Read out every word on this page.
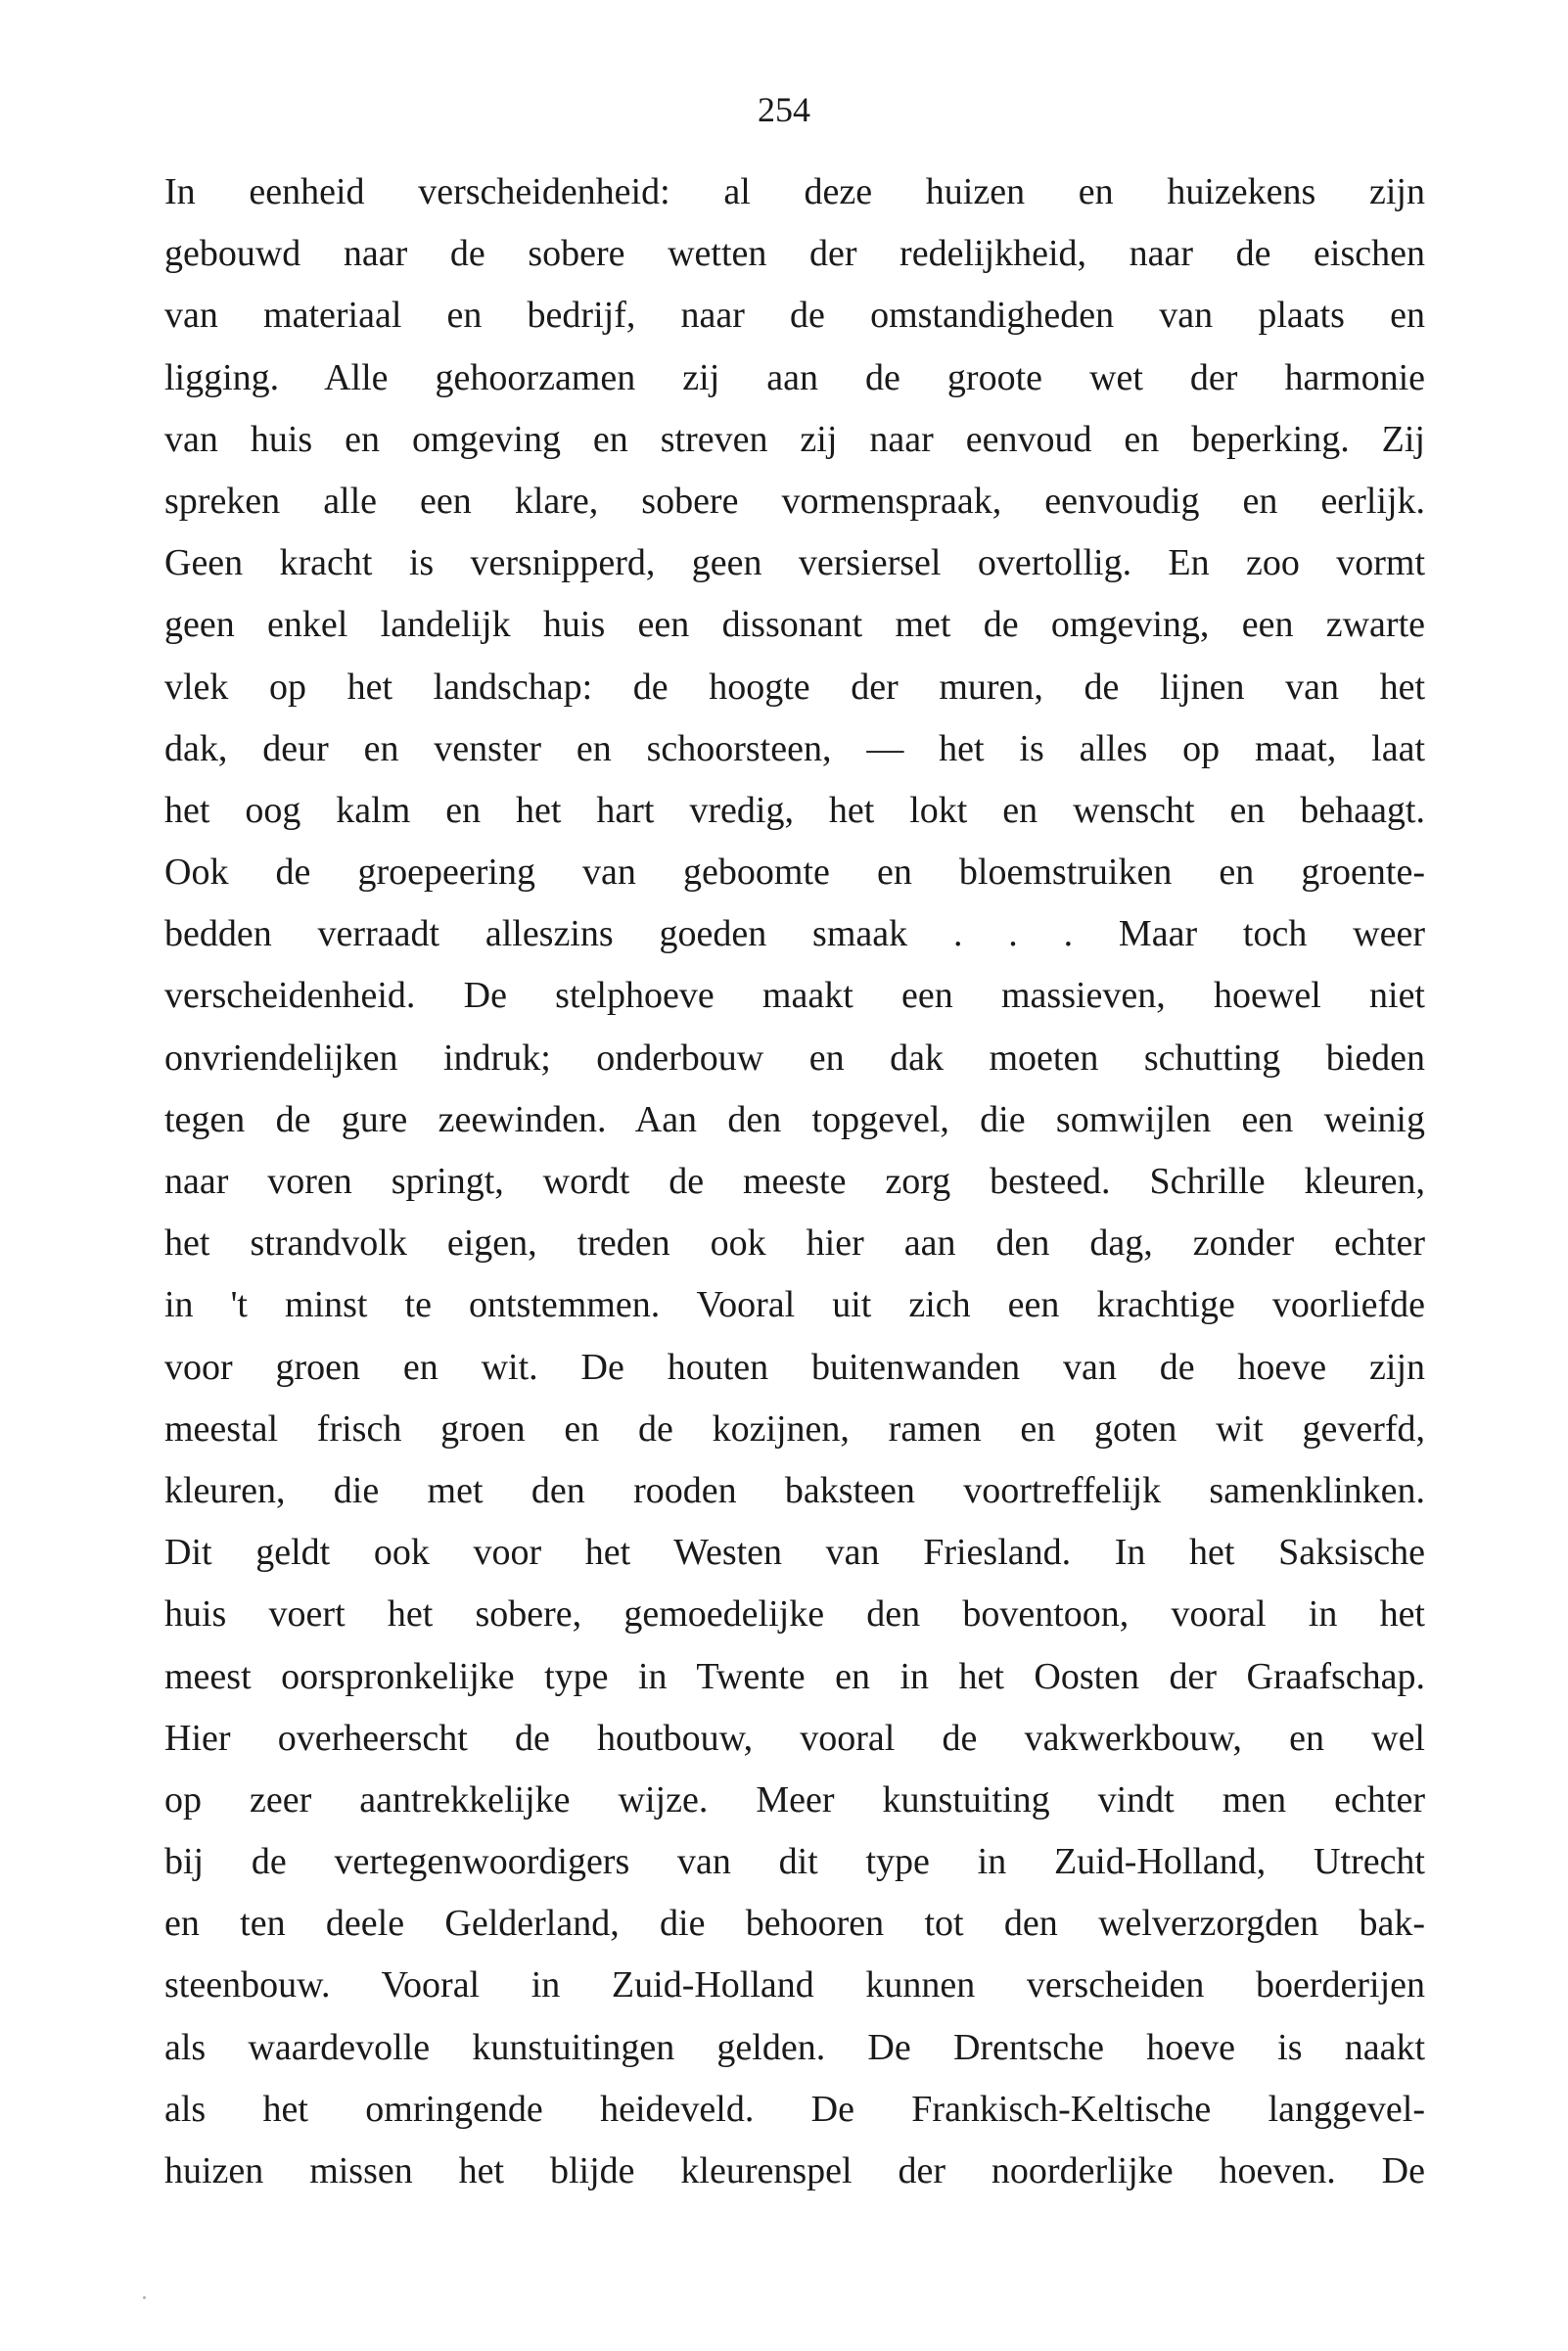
254
In eenheid verscheidenheid: al deze huizen en huizekens zijn
gebouwd naar de sobere wetten der redelijkheid, naar de eischen
van materiaal en bedrijf, naar de omstandigheden van plaats en
ligging. Alle gehoorzamen zij aan de groote wet der harmonie
van huis en omgeving en streven zij naar eenvoud en beperking. Zij
spreken alle een klare, sobere vormenspraak, eenvoudig en eerlijk.
Geen kracht is versnipperd, geen versiersel overtollig. En zoo vormt
geen enkel landelijk huis een dissonant met de omgeving, een zwarte
vlek op het landschap: de hoogte der muren, de lijnen van het
dak, deur en venster en schoorsteen, — het is alles op maat, laat
het oog kalm en het hart vredig, het lokt en wenscht en behaagt.
Ook de groepeering van geboomte en bloemstruiken en groente-
bedden verraadt alleszins goeden smaak . . . Maar toch weer
verscheidenheid. De stelphoeve maakt een massieven, hoewel niet
onvriendelijken indruk; onderbouw en dak moeten schutting bieden
tegen de gure zeewinden. Aan den topgevel, die somwijlen een weinig
naar voren springt, wordt de meeste zorg besteed. Schrille kleuren,
het strandvolk eigen, treden ook hier aan den dag, zonder echter
in 't minst te ontstemmen. Vooral uit zich een krachtige voorliefde
voor groen en wit. De houten buitenwanden van de hoeve zijn
meestal frisch groen en de kozijnen, ramen en goten wit geverfd,
kleuren, die met den rooden baksteen voortreffelijk samenklinken.
Dit geldt ook voor het Westen van Friesland. In het Saksische
huis voert het sobere, gemoedelijke den boventoon, vooral in het
meest oorspronkelijke type in Twente en in het Oosten der Graafschap.
Hier overheerscht de houtbouw, vooral de vakwerkbouw, en wel
op zeer aantrekkelijke wijze. Meer kunstuiting vindt men echter
bij de vertegenwoordigers van dit type in Zuid-Holland, Utrecht
en ten deele Gelderland, die behooren tot den welverzorgden bak-
steenbouw. Vooral in Zuid-Holland kunnen verscheiden boerderijen
als waardevolle kunstuitingen gelden. De Drentsche hoeve is naakt
als het omringende heideveld. De Frankisch-Keltische langgevel-
huizen missen het blijde kleurenspel der noorderlijke hoeven. De
